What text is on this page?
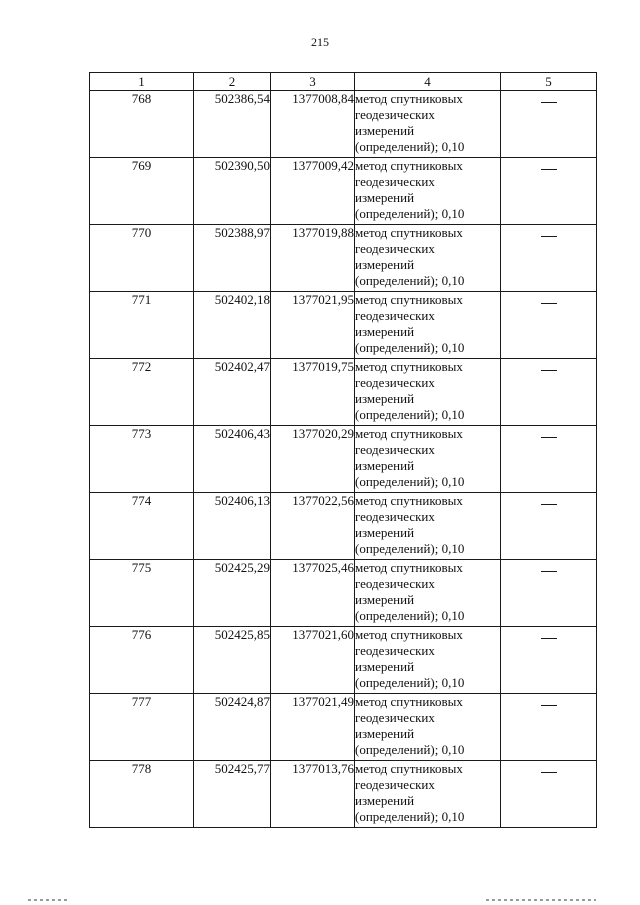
215
1	2	3	4	5
768	502386,54	1377008,84	метод спутниковых
геодезических
измерений
(определений); 0,10	

769	502390,50	1377009,42	метод спутниковых
геодезических
измерений
(определений); 0,10	

770	502388,97	1377019,88	метод спутниковых
геодезических
измерений
(определений); 0,10	

771	502402,18	1377021,95	метод спутниковых
геодезических
измерений
(определений); 0,10	

772	502402,47	1377019,75	метод спутниковых
геодезических
измерений
(определений); 0,10	

773	502406,43	1377020,29	метод спутниковых
геодезических
измерений
(определений); 0,10	

774	502406,13	1377022,56	метод спутниковых
геодезических
измерений
(определений); 0,10	

775	502425,29	1377025,46	метод спутниковых
геодезических
измерений
(определений); 0,10	

776	502425,85	1377021,60	метод спутниковых
геодезических
измерений
(определений); 0,10	

777	502424,87	1377021,49	метод спутниковых
геодезических
измерений
(определений); 0,10	

778	502425,77	1377013,76	метод спутниковых
геодезических
измерений
(определений); 0,10	
